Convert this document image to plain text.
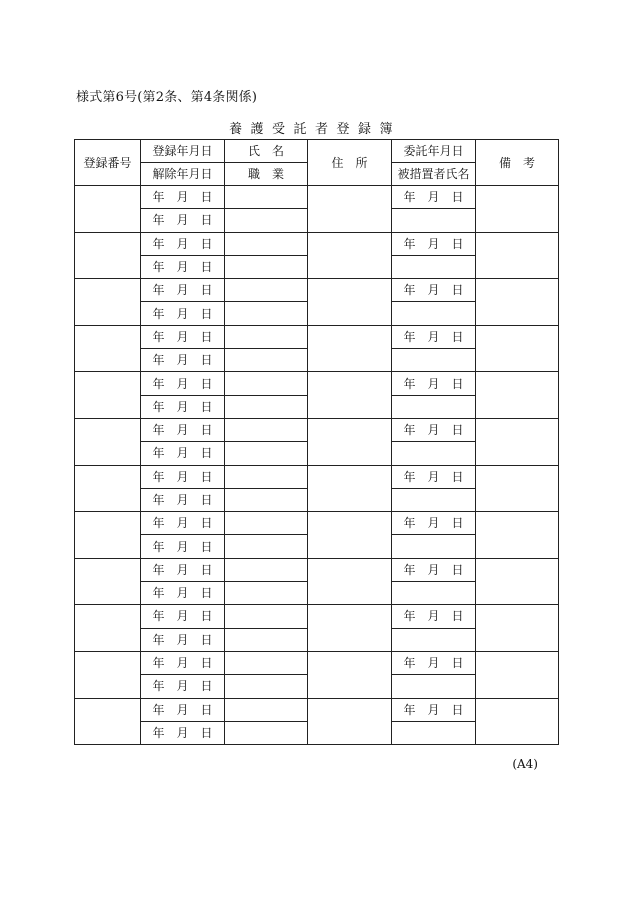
様式第6号(第2条、第4条関係)
養護受託者登録簿
登録番号	登録年月日	氏　名	住　所	委託年月日	備　考
	解除年月日	職　業		被措置者氏名	
	年 月 日			年 月 日	
	年 月 日				
	年 月 日			年 月 日	
	年 月 日				
	年 月 日			年 月 日	
	年 月 日				
	年 月 日			年 月 日	
	年 月 日				
	年 月 日			年 月 日	
	年 月 日				
	年 月 日			年 月 日	
	年 月 日				
	年 月 日			年 月 日	
	年 月 日				
	年 月 日			年 月 日	
	年 月 日				
	年 月 日			年 月 日	
	年 月 日				
	年 月 日			年 月 日	
	年 月 日				
	年 月 日			年 月 日	
	年 月 日				
	年 月 日			年 月 日	
	年 月 日				
(A4)
